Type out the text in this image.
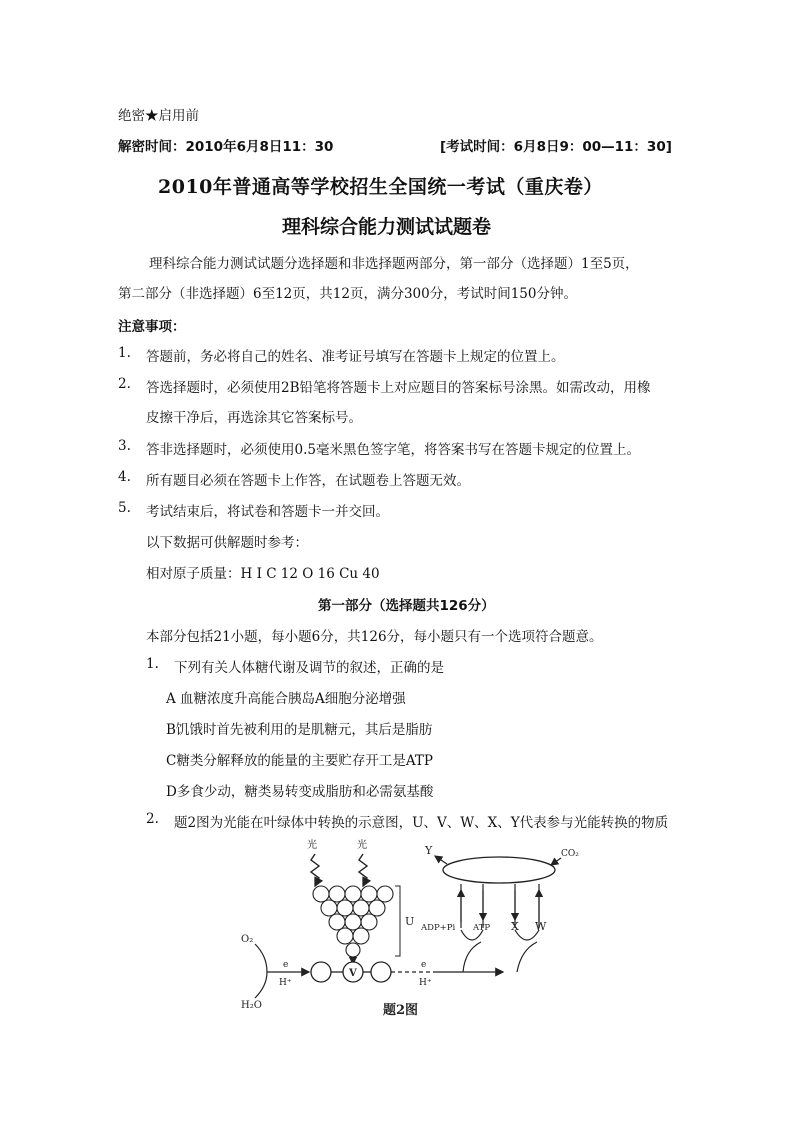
绝密★启用前
解密时间：2010年6月8日11：30	[考试时间：6月8日9：00—11：30]
2010年普通高等学校招生全国统一考试（重庆卷）
理科综合能力测试试题卷
理科综合能力测试试题分选择题和非选择题两部分，第一部分（选择题）1至5页，
第二部分（非选择题）6至12页，共12页，满分300分，考试时间150分钟。
注意事项：
1. 答题前，务必将自己的姓名、准考证号填写在答题卡上规定的位置上。
2. 答选择题时，必须使用2B铅笔将答题卡上对应题目的答案标号涂黑。如需改动，用橡
皮擦干净后，再选涂其它答案标号。
3. 答非选择题时，必须使用0.5毫米黑色签字笔，将答案书写在答题卡规定的位置上。
4. 所有题目必须在答题卡上作答，在试题卷上答题无效。
5. 考试结束后，将试卷和答题卡一并交回。
以下数据可供解题时参考：
相对原子质量：H I C 12 O 16 Cu 40
第一部分（选择题共126分）
本部分包括21小题，每小题6分，共126分，每小题只有一个选项符合题意。
1. 下列有关人体糖代谢及调节的叙述，正确的是
A 血糖浓度升高能合胰岛A细胞分泌增强
B饥饿时首先被利用的是肌糖元，其后是脂肪
C糖类分解释放的能量的主要贮存开工是ATP
D多食少动，糖类易转变成脂肪和必需氨基酸
2. 题2图为光能在叶绿体中转换的示意图，U、V、W、X、Y代表参与光能转换的物质
光	光
U
V
O₂
H₂O
e
H⁺
e
H⁺
Y	CO₂
ADP+Pi ATP X W
题2图
